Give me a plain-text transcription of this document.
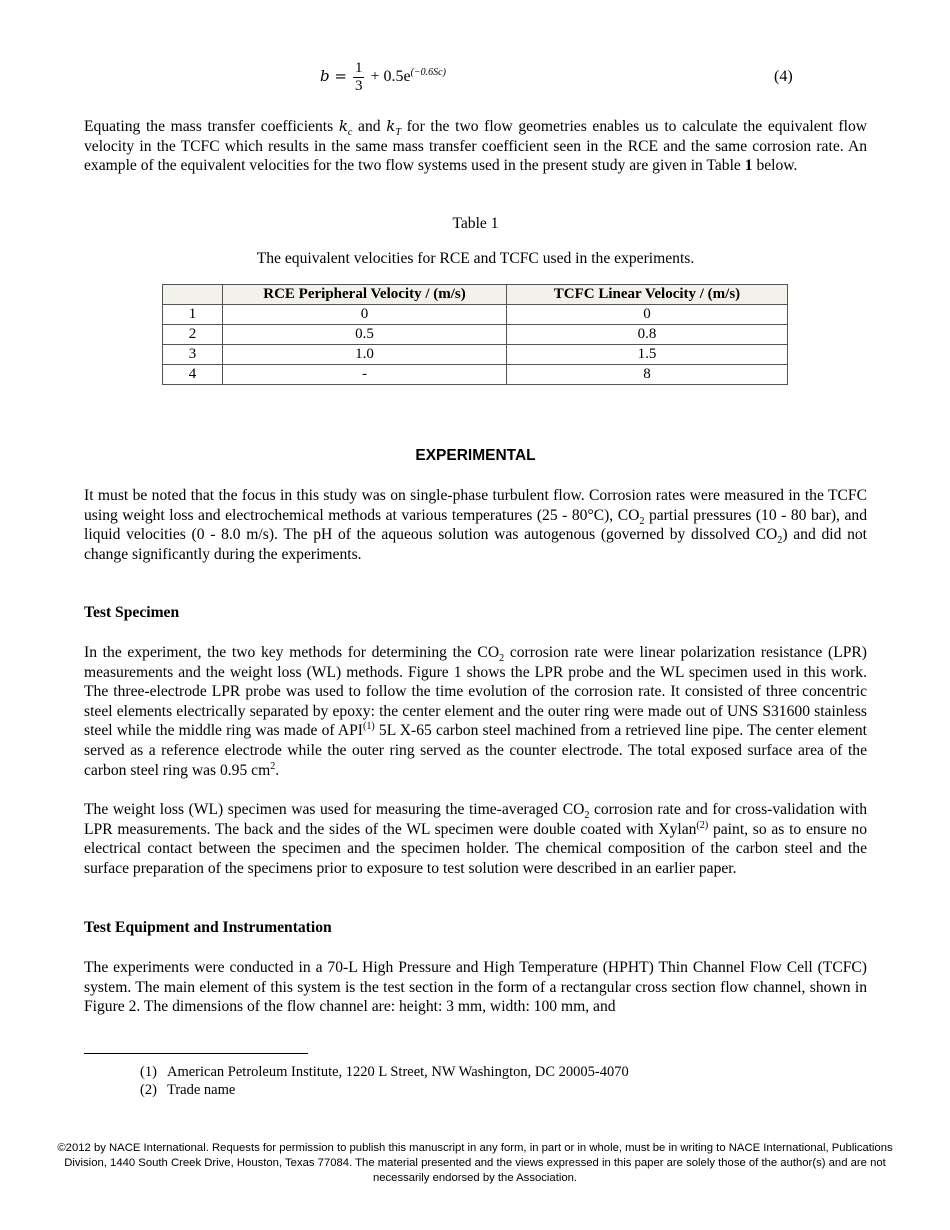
$b = \frac{1}{3} + 0.5e^{(-0.6Sc)}$	(4)
Equating the mass transfer coefficients $k_c$ and $k_T$ for the two flow geometries enables us to calculate the equivalent flow velocity in the TCFC which results in the same mass transfer coefficient seen in the RCE and the same corrosion rate. An example of the equivalent velocities for the two flow systems used in the present study are given in Table 1 below.
Table 1
The equivalent velocities for RCE and TCFC used in the experiments.
	RCE Peripheral Velocity / (m/s)	TCFC Linear Velocity / (m/s)
1	0	0
2	0.5	0.8
3	1.0	1.5
4	-	8
EXPERIMENTAL
It must be noted that the focus in this study was on single-phase turbulent flow. Corrosion rates were measured in the TCFC using weight loss and electrochemical methods at various temperatures (25 - 80°C), $CO_2$ partial pressures (10 - 80 bar), and liquid velocities (0 - 8.0 m/s). The pH of the aqueous solution was autogenous (governed by dissolved $CO_2$) and did not change significantly during the experiments.
Test Specimen
In the experiment, the two key methods for determining the $CO_2$ corrosion rate were linear polarization resistance (LPR) measurements and the weight loss (WL) methods. Figure 1 shows the LPR probe and the WL specimen used in this work. The three-electrode LPR probe was used to follow the time evolution of the corrosion rate. It consisted of three concentric steel elements electrically separated by epoxy: the center element and the outer ring were made out of UNS S31600 stainless steel while the middle ring was made of API$^{(1)}$ 5L X-65 carbon steel machined from a retrieved line pipe. The center element served as a reference electrode while the outer ring served as the counter electrode. The total exposed surface area of the carbon steel ring was 0.95 $cm^2$.
The weight loss (WL) specimen was used for measuring the time-averaged $CO_2$ corrosion rate and for cross-validation with LPR measurements. The back and the sides of the WL specimen were double coated with Xylan$^{(2)}$ paint, so as to ensure no electrical contact between the specimen and the specimen holder. The chemical composition of the carbon steel and the surface preparation of the specimens prior to exposure to test solution were described in an earlier paper.
Test Equipment and Instrumentation
The experiments were conducted in a 70-L High Pressure and High Temperature (HPHT) Thin Channel Flow Cell (TCFC) system. The main element of this system is the test section in the form of a rectangular cross section flow channel, shown in Figure 2. The dimensions of the flow channel are: height: 3 mm, width: 100 mm, and
(1) American Petroleum Institute, 1220 L Street, NW Washington, DC 20005-4070
(2) Trade name
©2012 by NACE International. Requests for permission to publish this manuscript in any form, in part or in whole, must be in writing to NACE International, Publications Division, 1440 South Creek Drive, Houston, Texas 77084. The material presented and the views expressed in this paper are solely those of the author(s) and are not necessarily endorsed by the Association.
